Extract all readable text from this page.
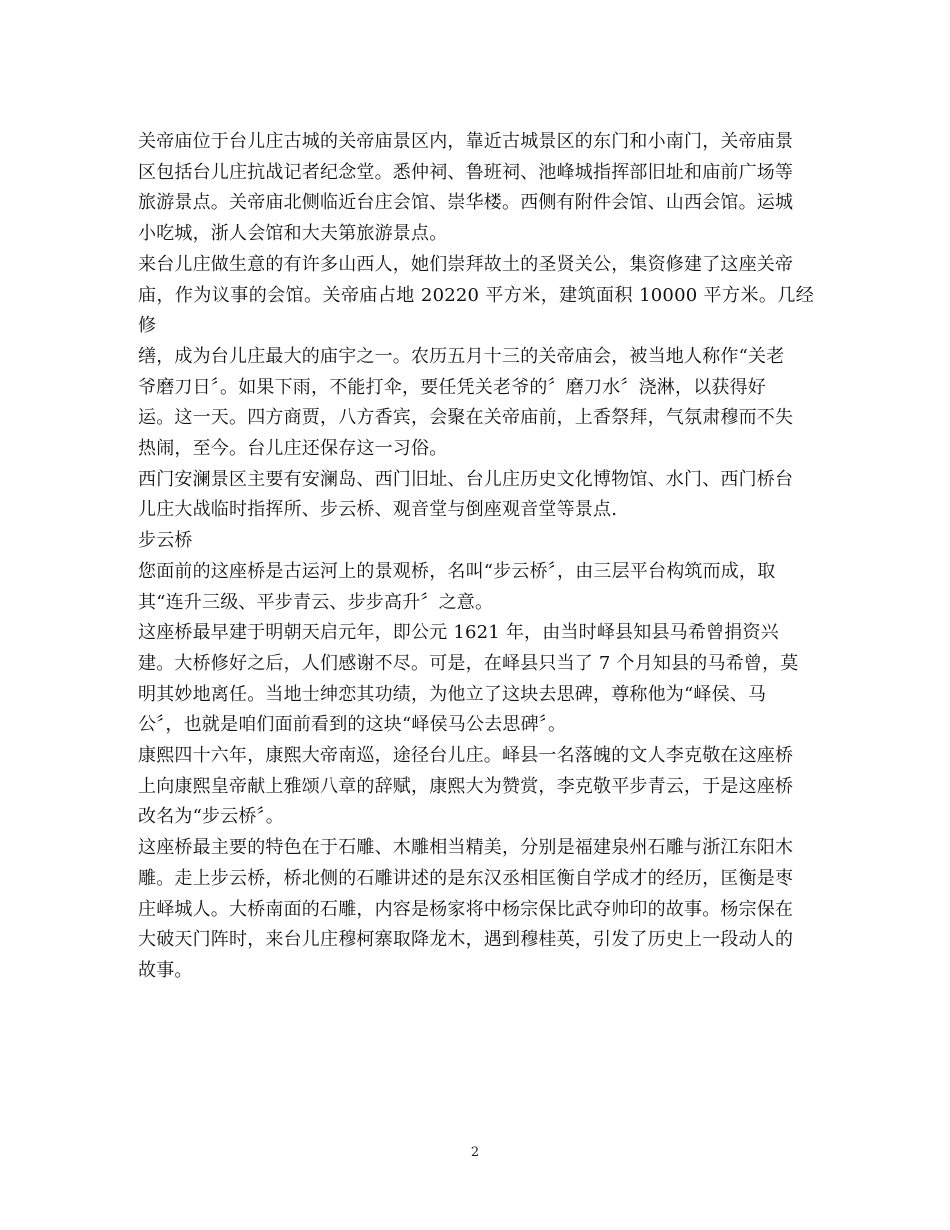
关帝庙位于台儿庄古城的关帝庙景区内，靠近古城景区的东门和小南门，关帝庙景
区包括台儿庄抗战记者纪念堂。悉仲祠、鲁班祠、池峰城指挥部旧址和庙前广场等
旅游景点。关帝庙北侧临近台庄会馆、崇华楼。西侧有附件会馆、山西会馆。运城
小吃城，浙人会馆和大夫第旅游景点。

来台儿庄做生意的有许多山西人，她们崇拜故土的圣贤关公，集资修建了这座关帝
庙，作为议事的会馆。关帝庙占地 20220 平方米，建筑面积 10000 平方米。几经修
缮，成为台儿庄最大的庙宇之一。农历五月十三的关帝庙会，被当地人称作“关老
爷磨刀日〞。如果下雨，不能打伞，要任凭关老爷的〞磨刀水〞浇淋，以获得好
运。这一天。四方商贾，八方香宾，会聚在关帝庙前，上香祭拜，气氛肃穆而不失
热闹，至今。台儿庄还保存这一习俗。

西门安澜景区主要有安澜岛、西门旧址、台儿庄历史文化博物馆、水门、西门桥台
儿庄大战临时指挥所、步云桥、观音堂与倒座观音堂等景点.

步云桥

您面前的这座桥是古运河上的景观桥，名叫“步云桥〞，由三层平台构筑而成，取
其“连升三级、平步青云、步步高升〞之意。

这座桥最早建于明朝天启元年，即公元 1621 年，由当时峄县知县马希曾捐资兴
建。大桥修好之后，人们感谢不尽。可是，在峄县只当了 7 个月知县的马希曾，莫
明其妙地离任。当地士绅恋其功绩，为他立了这块去思碑，尊称他为“峄侯、马
公〞，也就是咱们面前看到的这块“峄侯马公去思碑〞。

康熙四十六年，康熙大帝南巡，途径台儿庄。峄县一名落魄的文人李克敬在这座桥
上向康熙皇帝献上雅颂八章的辞赋，康熙大为赞赏，李克敬平步青云，于是这座桥
改名为“步云桥〞。

这座桥最主要的特色在于石雕、木雕相当精美，分别是福建泉州石雕与浙江东阳木
雕。走上步云桥，桥北侧的石雕讲述的是东汉丞相匡衡自学成才的经历，匡衡是枣
庄峄城人。大桥南面的石雕，内容是杨家将中杨宗保比武夺帅印的故事。杨宗保在
大破天门阵时，来台儿庄穆柯寨取降龙木，遇到穆桂英，引发了历史上一段动人的
故事。

2
